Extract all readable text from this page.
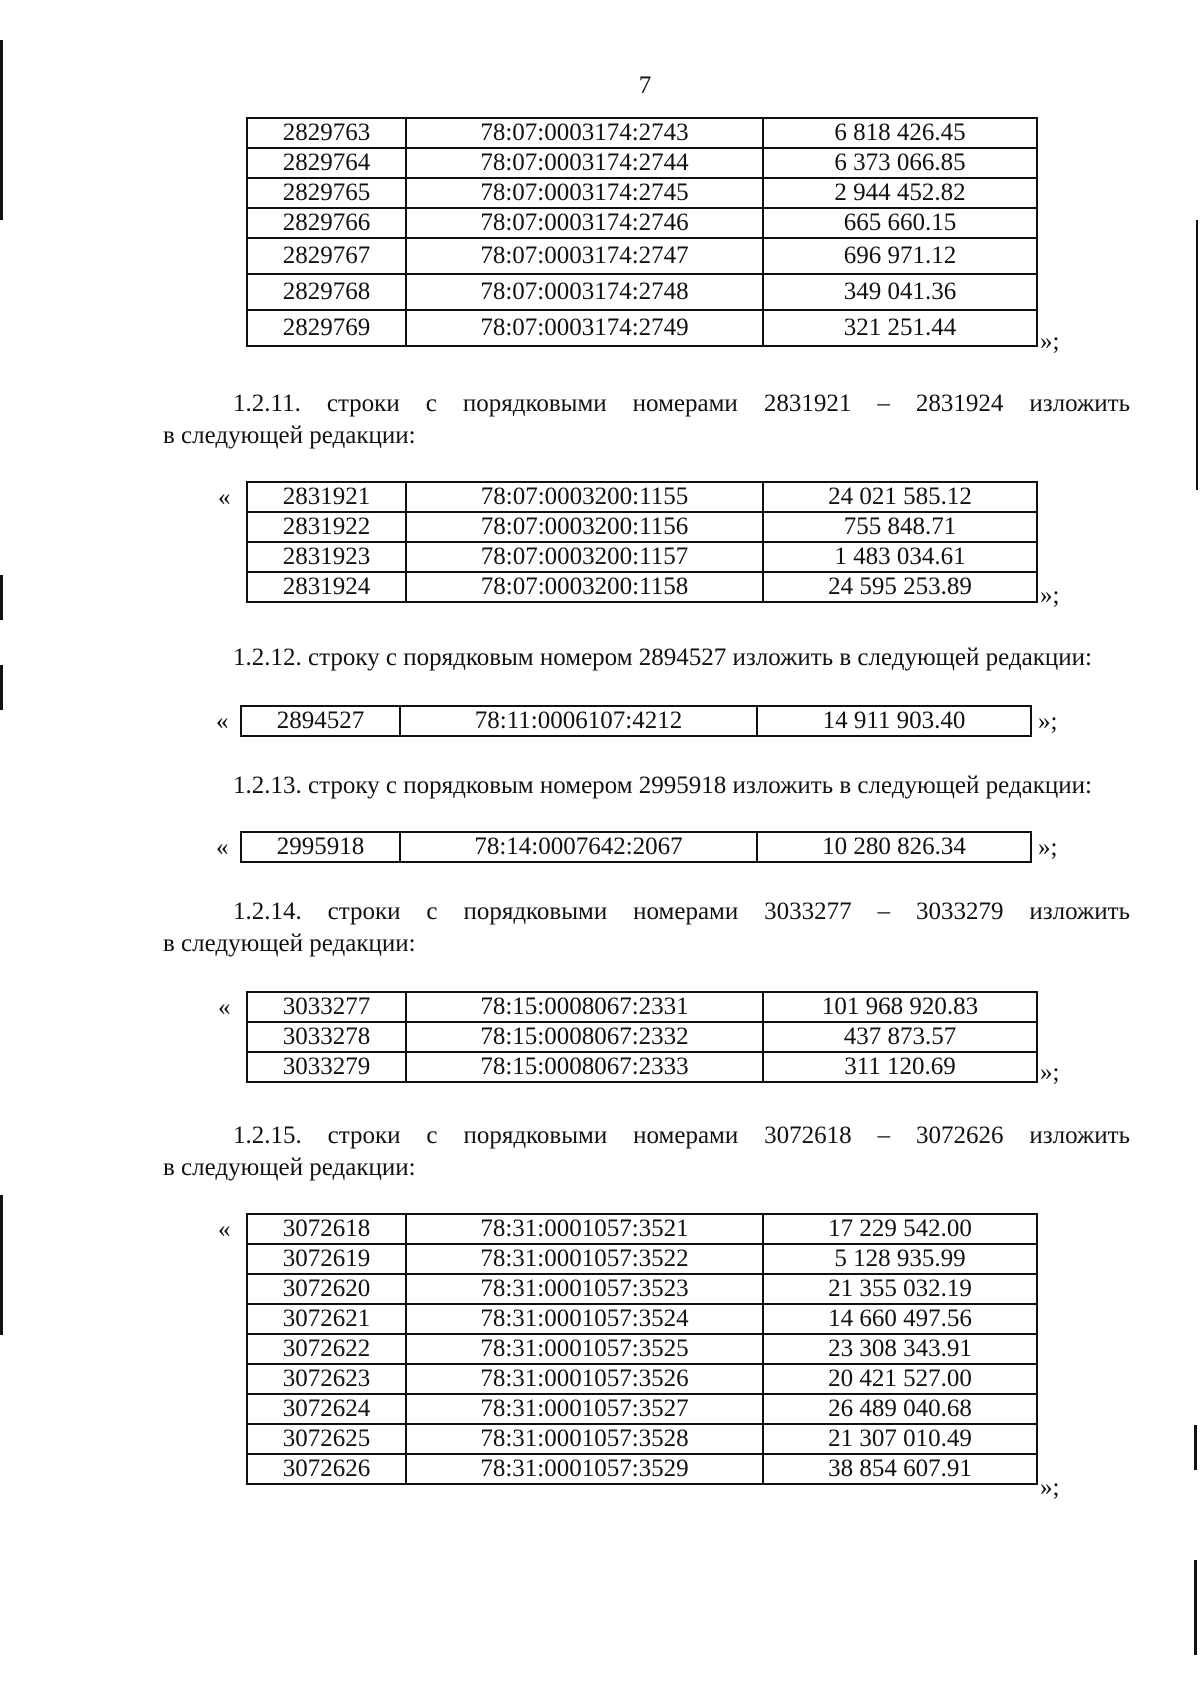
7
2829763	78:07:0003174:2743	6 818 426.45
2829764	78:07:0003174:2744	6 373 066.85
2829765	78:07:0003174:2745	2 944 452.82
2829766	78:07:0003174:2746	665 660.15
2829767	78:07:0003174:2747	696 971.12
2829768	78:07:0003174:2748	349 041.36
2829769	78:07:0003174:2749	321 251.44
»;
1.2.11. строки с порядковыми номерами 2831921 – 2831924 изложить
в следующей редакции:
« 2831921	78:07:0003200:1155	24 021 585.12
2831922	78:07:0003200:1156	755 848.71
2831923	78:07:0003200:1157	1 483 034.61
2831924	78:07:0003200:1158	24 595 253.89	»;
1.2.12. строку с порядковым номером 2894527 изложить в следующей редакции:
« 2894527	78:11:0006107:4212	14 911 903.40	»;
1.2.13. строку с порядковым номером 2995918 изложить в следующей редакции:
« 2995918	78:14:0007642:2067	10 280 826.34	»;
1.2.14. строки с порядковыми номерами 3033277 – 3033279 изложить
в следующей редакции:
« 3033277	78:15:0008067:2331	101 968 920.83
3033278	78:15:0008067:2332	437 873.57
3033279	78:15:0008067:2333	311 120.69	»;
1.2.15. строки с порядковыми номерами 3072618 – 3072626 изложить
в следующей редакции:
« 3072618	78:31:0001057:3521	17 229 542.00
3072619	78:31:0001057:3522	5 128 935.99
3072620	78:31:0001057:3523	21 355 032.19
3072621	78:31:0001057:3524	14 660 497.56
3072622	78:31:0001057:3525	23 308 343.91
3072623	78:31:0001057:3526	20 421 527.00
3072624	78:31:0001057:3527	26 489 040.68
3072625	78:31:0001057:3528	21 307 010.49
3072626	78:31:0001057:3529	38 854 607.91
»;
